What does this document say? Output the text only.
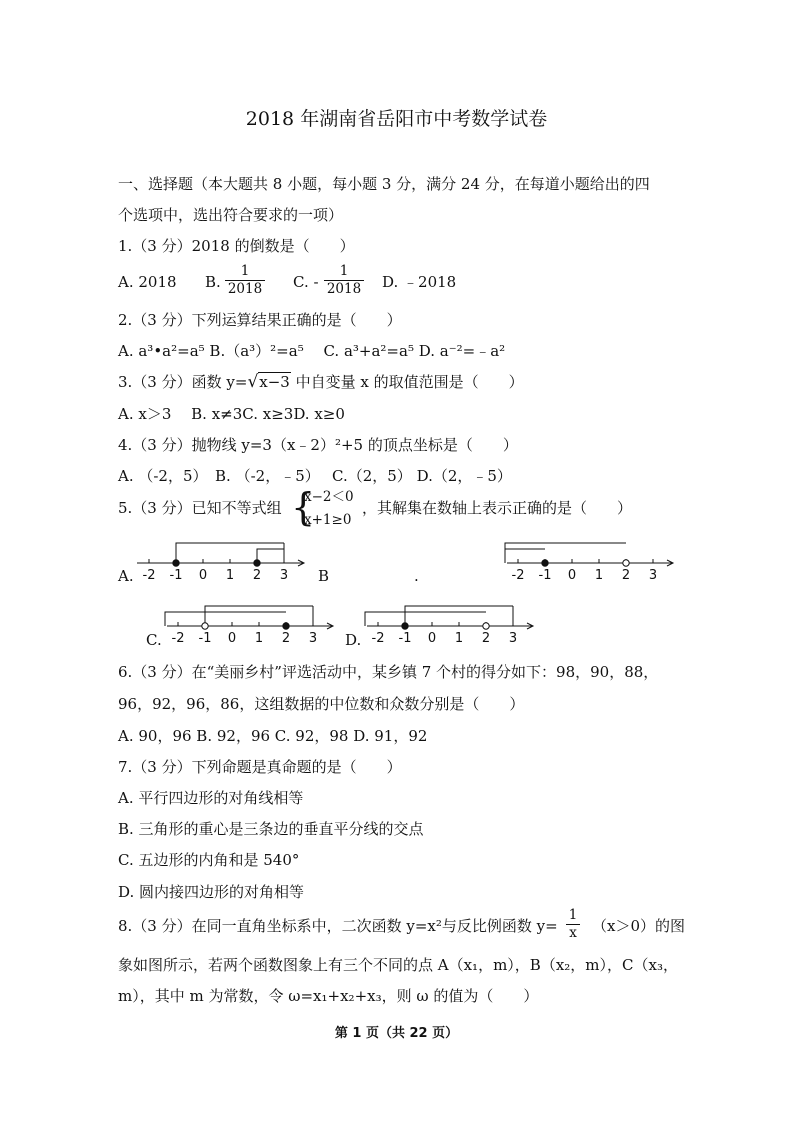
2018 年湖南省岳阳市中考数学试卷
一、选择题（本大题共 8 小题，每小题 3 分，满分 24 分，在每道小题给出的四
个选项中，选出符合要求的一项）
1.（3 分）2018 的倒数是（　　）
A. 2018 B.
1
2018 C. -
1
2018 D. ﹣2018
2.（3 分）下列运算结果正确的是（　　）
A. a³•a²=a⁵ B.（a³）²=a⁵　 C. a³+a²=a⁵ D. a⁻²=﹣a²
3.（3 分）函数 y=√x−3 中自变量 x 的取值范围是（　　）
A. x＞3　 B. x≠3C. x≥3D. x≥0
4.（3 分）抛物线 y=3（x﹣2）²+5 的顶点坐标是（　　）
A. （-2，5）　B. （-2，﹣5）　 C.（2，5） D.（2，﹣5）
5.（3 分）已知不等式组 {
x−2＜0
x+1≥0
，其解集在数轴上表示正确的是（　　）
A. -2 -1 0 1 2 3 B	.	-2 -1 0 1 2 3
C. -2 -1 0 1 2 3 D. -2 -1 0 1 2 3
6.（3 分）在“美丽乡村”评选活动中，某乡镇 7 个村的得分如下：98，90，88，
96，92，96，86，这组数据的中位数和众数分别是（　　）
A. 90，96 B. 92，96 C. 92，98 D. 91，92
7.（3 分）下列命题是真命题的是（　　）
A. 平行四边形的对角线相等
B. 三角形的重心是三条边的垂直平分线的交点
C. 五边形的内角和是 540°
D. 圆内接四边形的对角相等
8.（3 分）在同一直角坐标系中，二次函数 y=x²与反比例函数 y=
1
x （x＞0）的图
象如图所示，若两个函数图象上有三个不同的点 A（x₁，m），B（x₂，m），C（x₃，
m），其中 m 为常数，令 ω=x₁+x₂+x₃，则 ω 的值为（　　）
第 1 页（共 22 页）
